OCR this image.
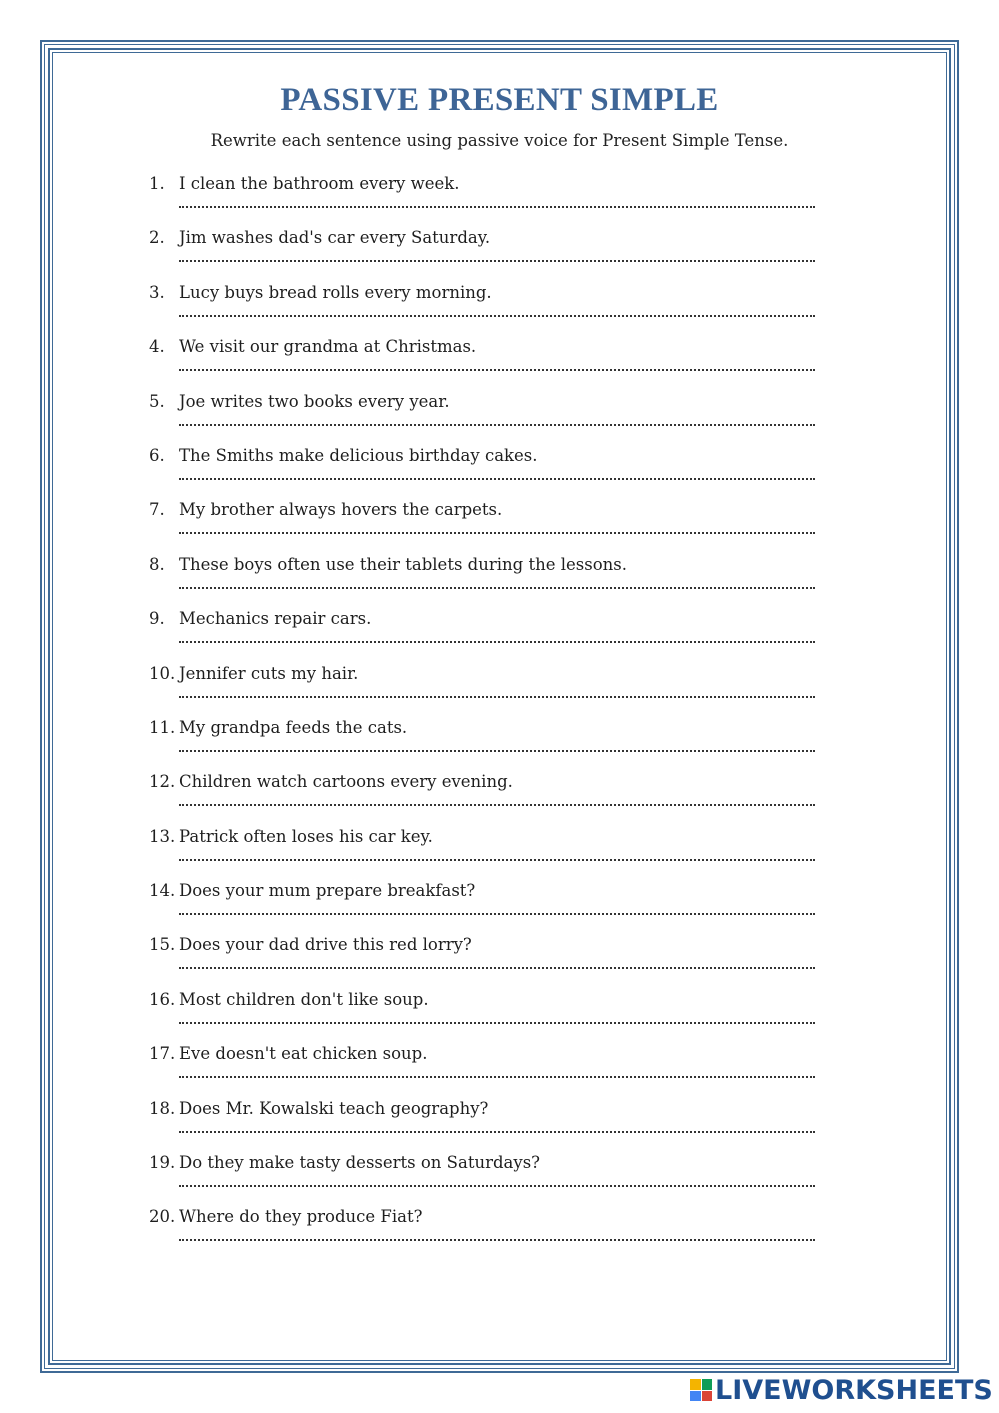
PASSIVE PRESENT SIMPLE
Rewrite each sentence using passive voice for Present Simple Tense.
1. I clean the bathroom every week.
2. Jim washes dad's car every Saturday.
3. Lucy buys bread rolls every morning.
4. We visit our grandma at Christmas.
5. Joe writes two books every year.
6. The Smiths make delicious birthday cakes.
7. My brother always hovers the carpets.
8. These boys often use their tablets during the lessons.
9. Mechanics repair cars.
10. Jennifer cuts my hair.
11. My grandpa feeds the cats.
12. Children watch cartoons every evening.
13. Patrick often loses his car key.
14. Does your mum prepare breakfast?
15. Does your dad drive this red lorry?
16. Most children don't like soup.
17. Eve doesn't eat chicken soup.
18. Does Mr. Kowalski teach geography?
19. Do they make tasty desserts on Saturdays?
20. Where do they produce Fiat?
LIVEWORKSHEETS
